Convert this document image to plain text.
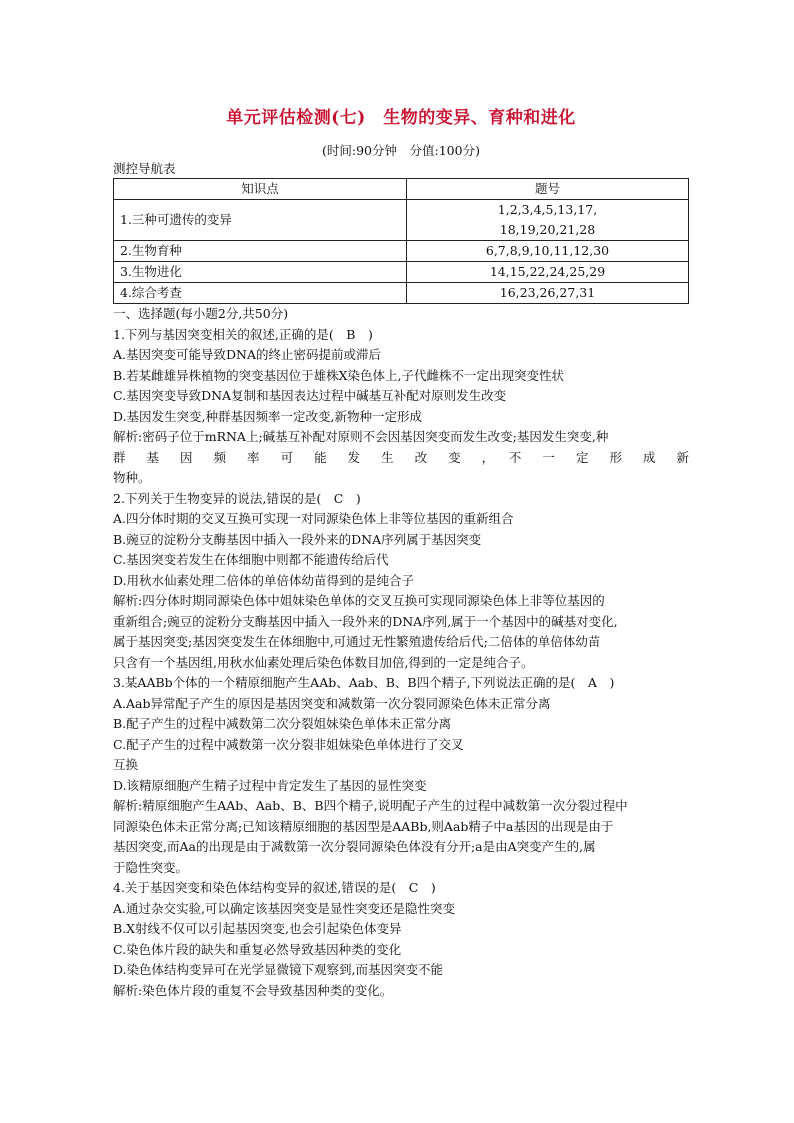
单元评估检测(七)　生物的变异、育种和进化
(时间:90分钟　分值:100分)
测控导航表
知识点	题号
1.三种可遗传的变异	1,2,3,4,5,13,17,
18,19,20,21,28

2.生物育种	6,7,8,9,10,11,12,30
3.生物进化	14,15,22,24,25,29
4.综合考查	16,23,26,27,31
一、选择题(每小题2分,共50分)
1.下列与基因突变相关的叙述,正确的是(　B　)
A.基因突变可能导致DNA的终止密码提前或滞后
B.若某雌雄异株植物的突变基因位于雄株X染色体上,子代雌株不一定出现突变性状
C.基因突变导致DNA复制和基因表达过程中碱基互补配对原则发生改变
D.基因发生突变,种群基因频率一定改变,新物种一定形成
解析:密码子位于mRNA上;碱基互补配对原则不会因基因突变而发生改变;基因发生突变,种
群　基　因　频　率　可　能　发　生　改　变　，　不　一　定　形　成　新
物种。
2.下列关于生物变异的说法,错误的是(　C　)
A.四分体时期的交叉互换可实现一对同源染色体上非等位基因的重新组合
B.豌豆的淀粉分支酶基因中插入一段外来的DNA序列属于基因突变
C.基因突变若发生在体细胞中则都不能遗传给后代
D.用秋水仙素处理二倍体的单倍体幼苗得到的是纯合子
解析:四分体时期同源染色体中姐妹染色单体的交叉互换可实现同源染色体上非等位基因的
重新组合;豌豆的淀粉分支酶基因中插入一段外来的DNA序列,属于一个基因中的碱基对变化,
属于基因突变;基因突变发生在体细胞中,可通过无性繁殖遗传给后代;二倍体的单倍体幼苗
只含有一个基因组,用秋水仙素处理后染色体数目加倍,得到的一定是纯合子。
3.某AABb个体的一个精原细胞产生AAb、Aab、B、B四个精子,下列说法正确的是(　A　)
A.Aab异常配子产生的原因是基因突变和减数第一次分裂同源染色体未正常分离
B.配子产生的过程中减数第二次分裂姐妹染色单体未正常分离
C.配子产生的过程中减数第一次分裂非姐妹染色单体进行了交叉
互换
D.该精原细胞产生精子过程中肯定发生了基因的显性突变
解析:精原细胞产生AAb、Aab、B、B四个精子,说明配子产生的过程中减数第一次分裂过程中
同源染色体未正常分离;已知该精原细胞的基因型是AABb,则Aab精子中a基因的出现是由于
基因突变,而Aa的出现是由于减数第一次分裂同源染色体没有分开;a是由A突变产生的,属
于隐性突变。
4.关于基因突变和染色体结构变异的叙述,错误的是(　C　)
A.通过杂交实验,可以确定该基因突变是显性突变还是隐性突变
B.X射线不仅可以引起基因突变,也会引起染色体变异
C.染色体片段的缺失和重复必然导致基因种类的变化
D.染色体结构变异可在光学显微镜下观察到,而基因突变不能
解析:染色体片段的重复不会导致基因种类的变化。
